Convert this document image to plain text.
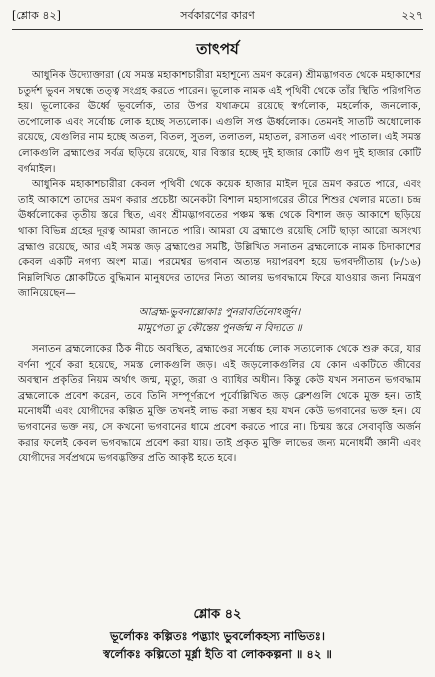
[শ্লোক ৪২]	সর্বকারণের কারণ	২২৭
তাৎপর্য

আধুনিক উদ্যোক্তারা (যে সমস্ত মহাকাশচারীরা মহাশূন্যে ভ্রমণ করেন) শ্রীমদ্ভাগবত থেকে মহাকাশের চতুর্দশ ভুবন সম্বন্ধে তত্ত্ব সংগ্রহ করতে পারেন। ভূলোক নামক এই পৃথিবী থেকে তাঁর স্থিতি পরিগণিত হয়। ভূলোকের ঊর্ধ্বে ভূবর্লোক, তার উপর যথাক্রমে রয়েছে স্বর্গলোক, মহর্লোক, জনলোক, তপোলোক এবং সর্বোচ্চ লোক হচ্ছে সত্যলোক। এগুলি সপ্ত ঊর্ধ্বলোক। তেমনই সাতটি অধোলোক রয়েছে, যেগুলির নাম হচ্ছে অতল, বিতল, সুতল, তলাতল, মহাতল, রসাতল এবং পাতাল। এই সমস্ত লোকগুলি ব্রহ্মাণ্ডের সর্বত্র ছড়িয়ে রয়েছে, যার বিস্তার হচ্ছে দুই হাজার কোটি গুণ দুই হাজার কোটি বর্গমাইল।

আধুনিক মহাকাশচারীরা কেবল পৃথিবী থেকে কয়েক হাজার মাইল দূরে ভ্রমণ করতে পারে, এবং তাই আকাশে তাদের ভ্রমণ করার প্রচেষ্টা অনেকটা বিশাল মহাসাগরের তীরে শিশুর খেলার মতো। চন্দ্র ঊর্ধ্বলোকের তৃতীয় স্তরে স্থিত, এবং শ্রীমদ্ভাগবতের পঞ্চম স্কন্ধ থেকে বিশাল জড় আকাশে ছড়িয়ে থাকা বিভিন্ন গ্রহের দূরত্ব আমরা জানতে পারি। আমরা যে ব্রহ্মাণ্ডে রয়েছি সেটি ছাড়া আরো অসংখ্য ব্রহ্মাণ্ড রয়েছে, আর এই সমস্ত জড় ব্রহ্মাণ্ডের সমষ্টি, উল্লিখিত সনাতন ব্রহ্মলোকে নামক চিদাকাশের কেবল একটি নগণ্য অংশ মাত্র। পরমেশ্বর ভগবান অত্যন্ত দয়াপরবশ হয়ে ভগবদ্গীতায় (৮/১৬) নিম্নলিখিত শ্লোকটিতে বুদ্ধিমান মানুষদের তাদের নিত্য আলয় ভগবদ্ধামে ফিরে যাওয়ার জন্য নিমন্ত্রণ জানিয়েছেন—

আব্রহ্ম-ভুবনাল্লোকাঃ পুনরাবর্তিনোঽর্জুন।

মামুপেত্য তু কৌন্তেয় পুনর্জন্ম ন বিদ্যতে ॥

সনাতন ব্রহ্মলোকের ঠিক নীচে অবস্থিত, ব্রহ্মাণ্ডের সর্বোচ্চ লোক সত্যলোক থেকে শুরু করে, যার বর্ণনা পূর্বে করা হয়েছে, সমস্ত লোকগুলি জড়। এই জড়লোকগুলির যে কোন একটিতে জীবের অবস্থান প্রকৃতির নিয়ম অর্থাৎ জন্ম, মৃত্যু, জরা ও ব্যাধির অধীন। কিন্তু কেউ যখন সনাতন ভগবদ্ধাম ব্রহ্মলোকে প্রবেশ করেন, তবে তিনি সম্পূর্ণরূপে পূর্বোল্লিখিত জড় ক্লেশগুলি থেকে মুক্ত হন। তাই মনোধর্মী এবং যোগীদের কল্পিত মুক্তি তখনই লাভ করা সম্ভব হয় যখন কেউ ভগবানের ভক্ত হন। যে ভগবানের ভক্ত নয়, সে কখনো ভগবানের ধামে প্রবেশ করতে পারে না। চিন্ময় স্তরে সেবাবৃত্তি অর্জন করার ফলেই কেবল ভগবদ্ধামে প্রবেশ করা যায়। তাই প্রকৃত মুক্তি লাভের জন্য মনোধর্মী জ্ঞানী এবং যোগীদের সর্বপ্রথমে ভগবদ্ভক্তির প্রতি আকৃষ্ট হতে হবে।

শ্লোক ৪২
ভূর্লোকঃ কল্পিতঃ পদ্ভ্যাং ভুবর্লোকহস্য নাভিতঃ।
স্বর্লোকঃ কল্পিতো মূর্ধ্না ইতি বা লোককল্পনা ॥ ৪২ ॥
